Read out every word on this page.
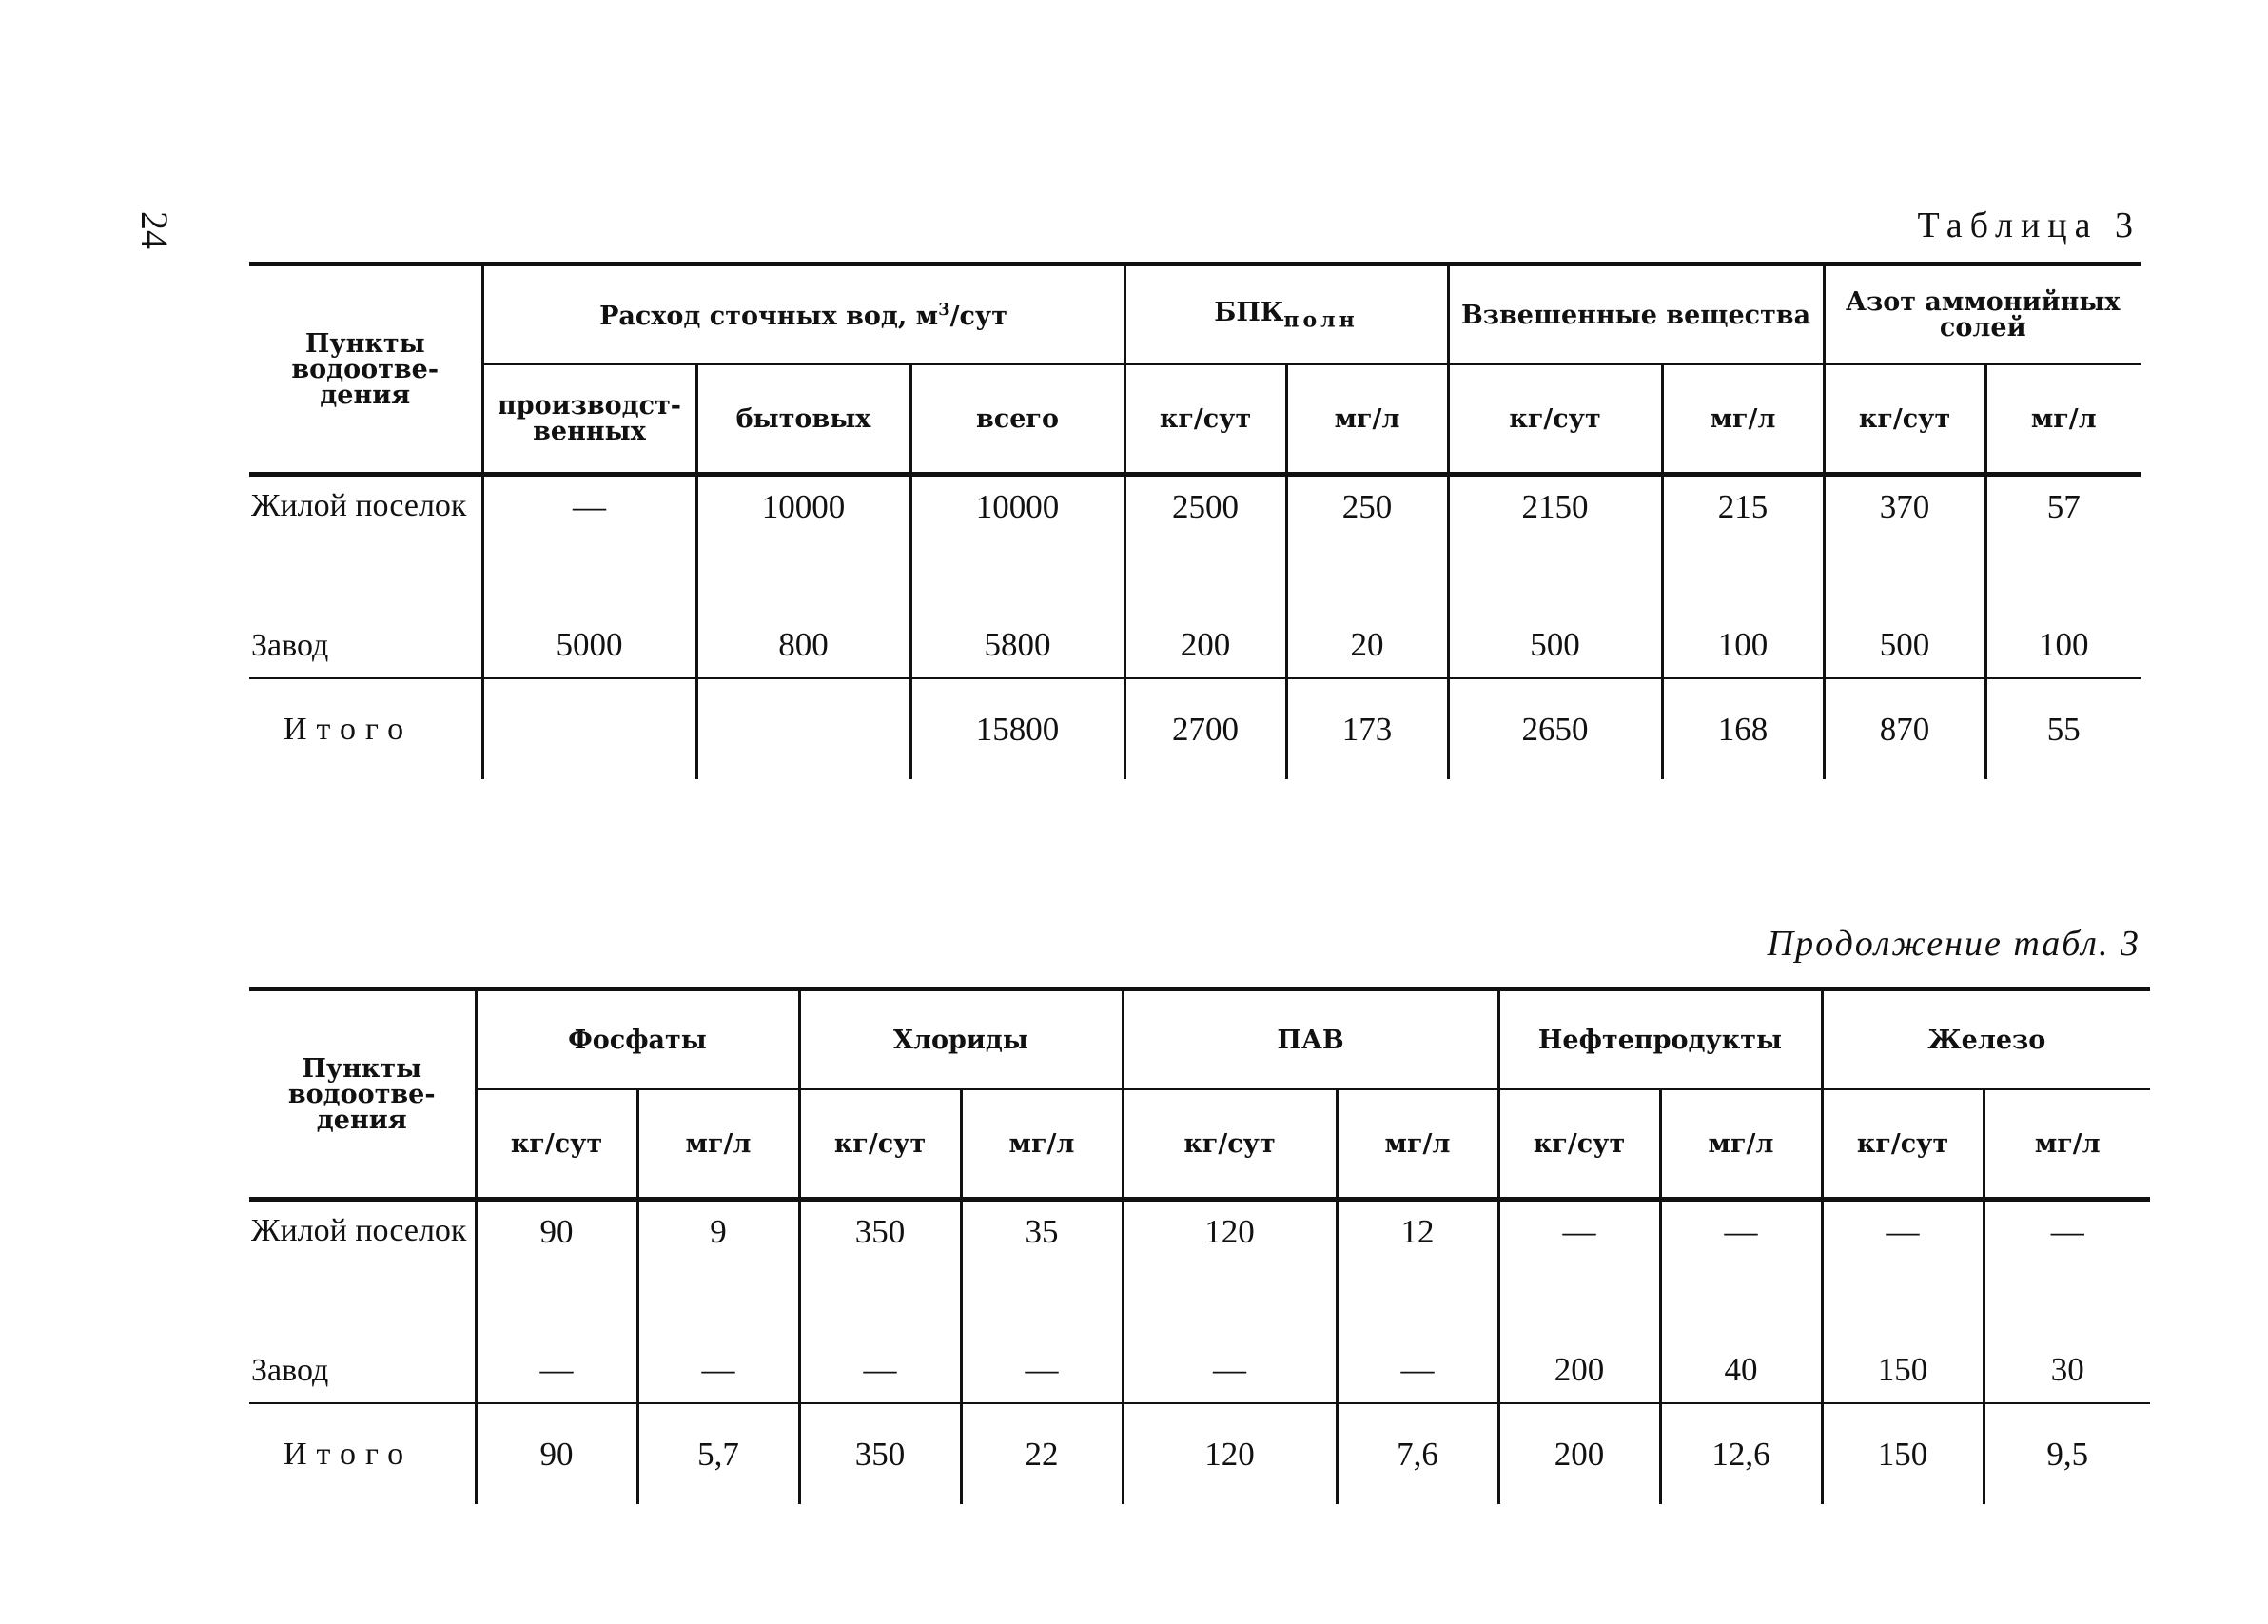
24	Таблица 3
Пункты водоотве- дения	Расход сточных вод, $м^3$/сут			$БПК_{полн}$		Взвешенные вещества		Азот аммонийных солей	
	производст- венных	бытовых	всего	кг/сут	мг/л	кг/сут	мг/л	кг/сут	мг/л
Жилой поселок	—	10000	10000	2500	250	2150	215	370	57
Завод	5000	800	5800	200	20	500	100	500	100
Итого			15800	2700	173	2650	168	870	55
Продолжение табл. 3
Пункты водоотве- дения	Фосфаты		Хлориды		ПАВ		Нефтепродукты		Железо	
	кг/сут	мг/л	кг/сут	мг/л	кг/сут	мг/л	кг/сут	мг/л	кг/сут	мг/л
Жилой поселок	90	9	350	35	120	12	—	—	—	—
Завод	—	—	—	—	—	—	200	40	150	30
Итого	90	5,7	350	22	120	7,6	200	12,6	150	9,5
